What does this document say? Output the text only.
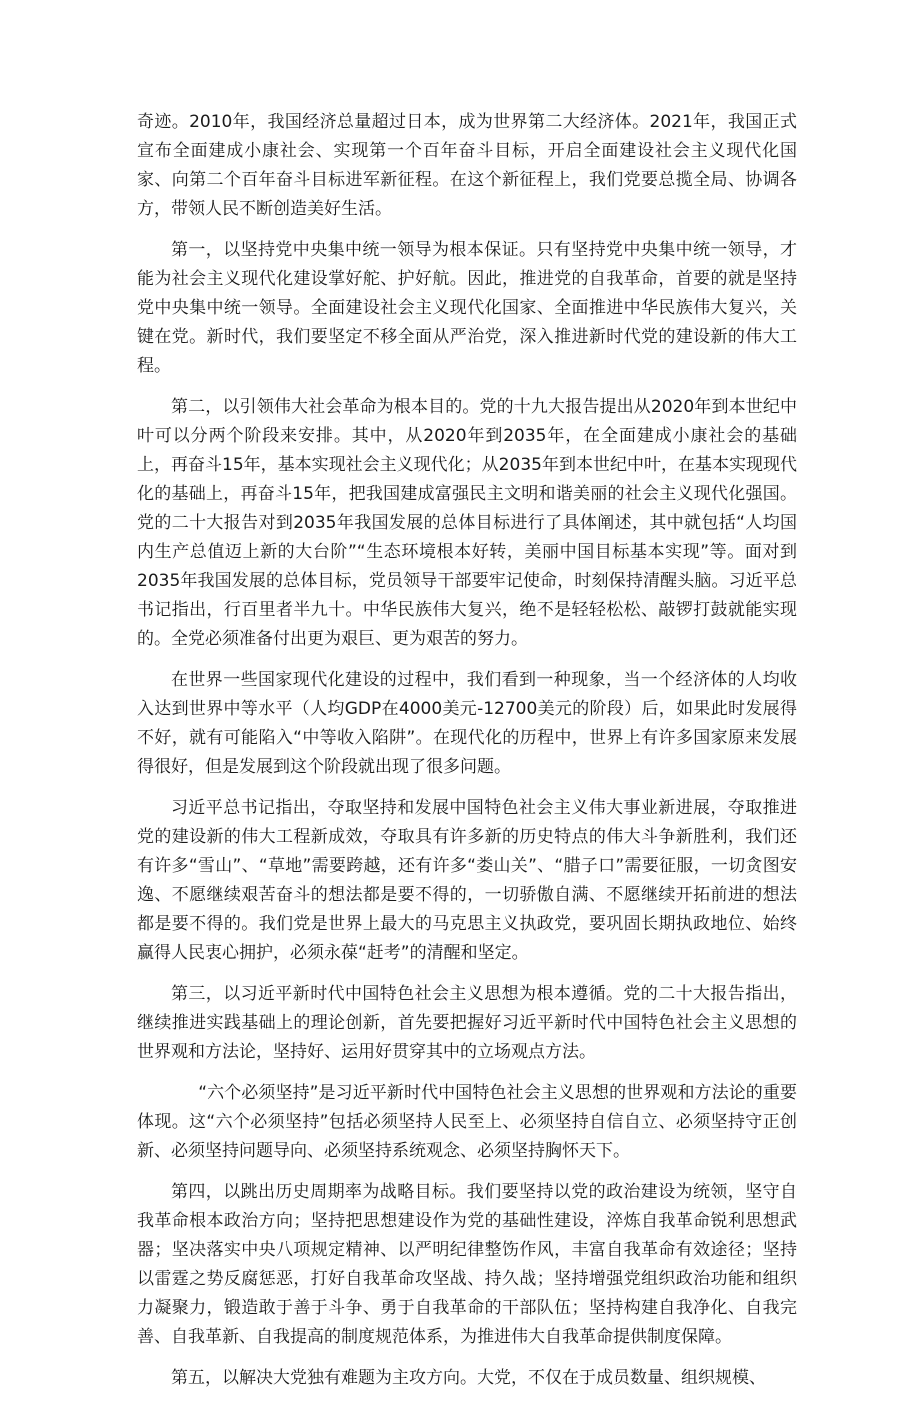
奇迹。2010年，我国经济总量超过日本，成为世界第二大经济体。2021年，我国正式宣布全面建成小康社会、实现第一个百年奋斗目标，开启全面建设社会主义现代化国家、向第二个百年奋斗目标进军新征程。在这个新征程上，我们党要总揽全局、协调各方，带领人民不断创造美好生活。

第一，以坚持党中央集中统一领导为根本保证。只有坚持党中央集中统一领导，才能为社会主义现代化建设掌好舵、护好航。因此，推进党的自我革命，首要的就是坚持党中央集中统一领导。全面建设社会主义现代化国家、全面推进中华民族伟大复兴，关键在党。新时代，我们要坚定不移全面从严治党，深入推进新时代党的建设新的伟大工程。

第二，以引领伟大社会革命为根本目的。党的十九大报告提出从2020年到本世纪中叶可以分两个阶段来安排。其中，从2020年到2035年，在全面建成小康社会的基础上，再奋斗15年，基本实现社会主义现代化；从2035年到本世纪中叶，在基本实现现代化的基础上，再奋斗15年，把我国建成富强民主文明和谐美丽的社会主义现代化强国。党的二十大报告对到2035年我国发展的总体目标进行了具体阐述，其中就包括“人均国内生产总值迈上新的大台阶”“生态环境根本好转，美丽中国目标基本实现”等。面对到2035年我国发展的总体目标，党员领导干部要牢记使命，时刻保持清醒头脑。习近平总书记指出，行百里者半九十。中华民族伟大复兴，绝不是轻轻松松、敲锣打鼓就能实现的。全党必须准备付出更为艰巨、更为艰苦的努力。

在世界一些国家现代化建设的过程中，我们看到一种现象，当一个经济体的人均收入达到世界中等水平（人均GDP在4000美元-12700美元的阶段）后，如果此时发展得不好，就有可能陷入“中等收入陷阱”。在现代化的历程中，世界上有许多国家原来发展得很好，但是发展到这个阶段就出现了很多问题。

习近平总书记指出，夺取坚持和发展中国特色社会主义伟大事业新进展，夺取推进党的建设新的伟大工程新成效，夺取具有许多新的历史特点的伟大斗争新胜利，我们还有许多“雪山”、“草地”需要跨越，还有许多“娄山关”、“腊子口”需要征服，一切贪图安逸、不愿继续艰苦奋斗的想法都是要不得的，一切骄傲自满、不愿继续开拓前进的想法都是要不得的。我们党是世界上最大的马克思主义执政党，要巩固长期执政地位、始终赢得人民衷心拥护，必须永葆“赶考”的清醒和坚定。

第三，以习近平新时代中国特色社会主义思想为根本遵循。党的二十大报告指出，继续推进实践基础上的理论创新，首先要把握好习近平新时代中国特色社会主义思想的世界观和方法论，坚持好、运用好贯穿其中的立场观点方法。

“六个必须坚持”是习近平新时代中国特色社会主义思想的世界观和方法论的重要体现。这“六个必须坚持”包括必须坚持人民至上、必须坚持自信自立、必须坚持守正创新、必须坚持问题导向、必须坚持系统观念、必须坚持胸怀天下。

第四，以跳出历史周期率为战略目标。我们要坚持以党的政治建设为统领，坚守自我革命根本政治方向；坚持把思想建设作为党的基础性建设，淬炼自我革命锐利思想武器；坚决落实中央八项规定精神、以严明纪律整饬作风，丰富自我革命有效途径；坚持以雷霆之势反腐惩恶，打好自我革命攻坚战、持久战；坚持增强党组织政治功能和组织力凝聚力，锻造敢于善于斗争、勇于自我革命的干部队伍；坚持构建自我净化、自我完善、自我革新、自我提高的制度规范体系，为推进伟大自我革命提供制度保障。

第五，以解决大党独有难题为主攻方向。大党，不仅在于成员数量、组织规模、
